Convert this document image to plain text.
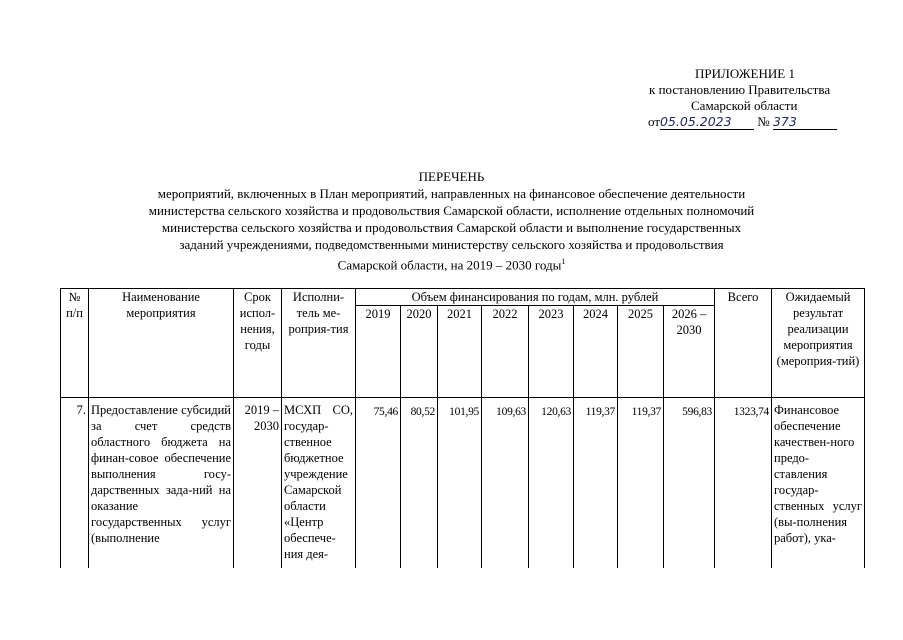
ПРИЛОЖЕНИЕ 1
к постановлению Правительства
Самарской области
от05.05.2023 № 373
ПЕРЕЧЕНЬ
мероприятий, включенных в План мероприятий, направленных на финансовое обеспечение деятельности
министерства сельского хозяйства и продовольствия Самарской области, исполнение отдельных полномочий
министерства сельского хозяйства и продовольствия Самарской области и выполнение государственных
заданий учреждениями, подведомственными министерству сельского хозяйства и продовольствия
Самарской области, на 2019 – 2030 годы$^1$
№ п/п	Наименование мероприятия	Срок испол-нения, годы	Исполни-тель ме-роприя-тия	Объем финансирования по годам, млн. рублей								Всего	Ожидаемый результат реализации мероприятия (мероприя-тий)
				2019	2020	2021	2022	2023	2024	2025	2026 – 2030		
7.	Предоставление субсидий за счет средств областного бюджета на финан-совое обеспечение выполнения госу-дарственных зада-ний на оказание государственных услуг (выполнение	2019 – 2030	МСХП СО, государ-ственное бюджетное учреждение Самарской области «Центр обеспече-ния дея-	75,46	80,52	101,95	109,63	120,63	119,37	119,37	596,83	1323,74	Финансовое обеспечение качествен-ного предо-ставления государ-ственных услуг (вы-полнения работ), ука-
